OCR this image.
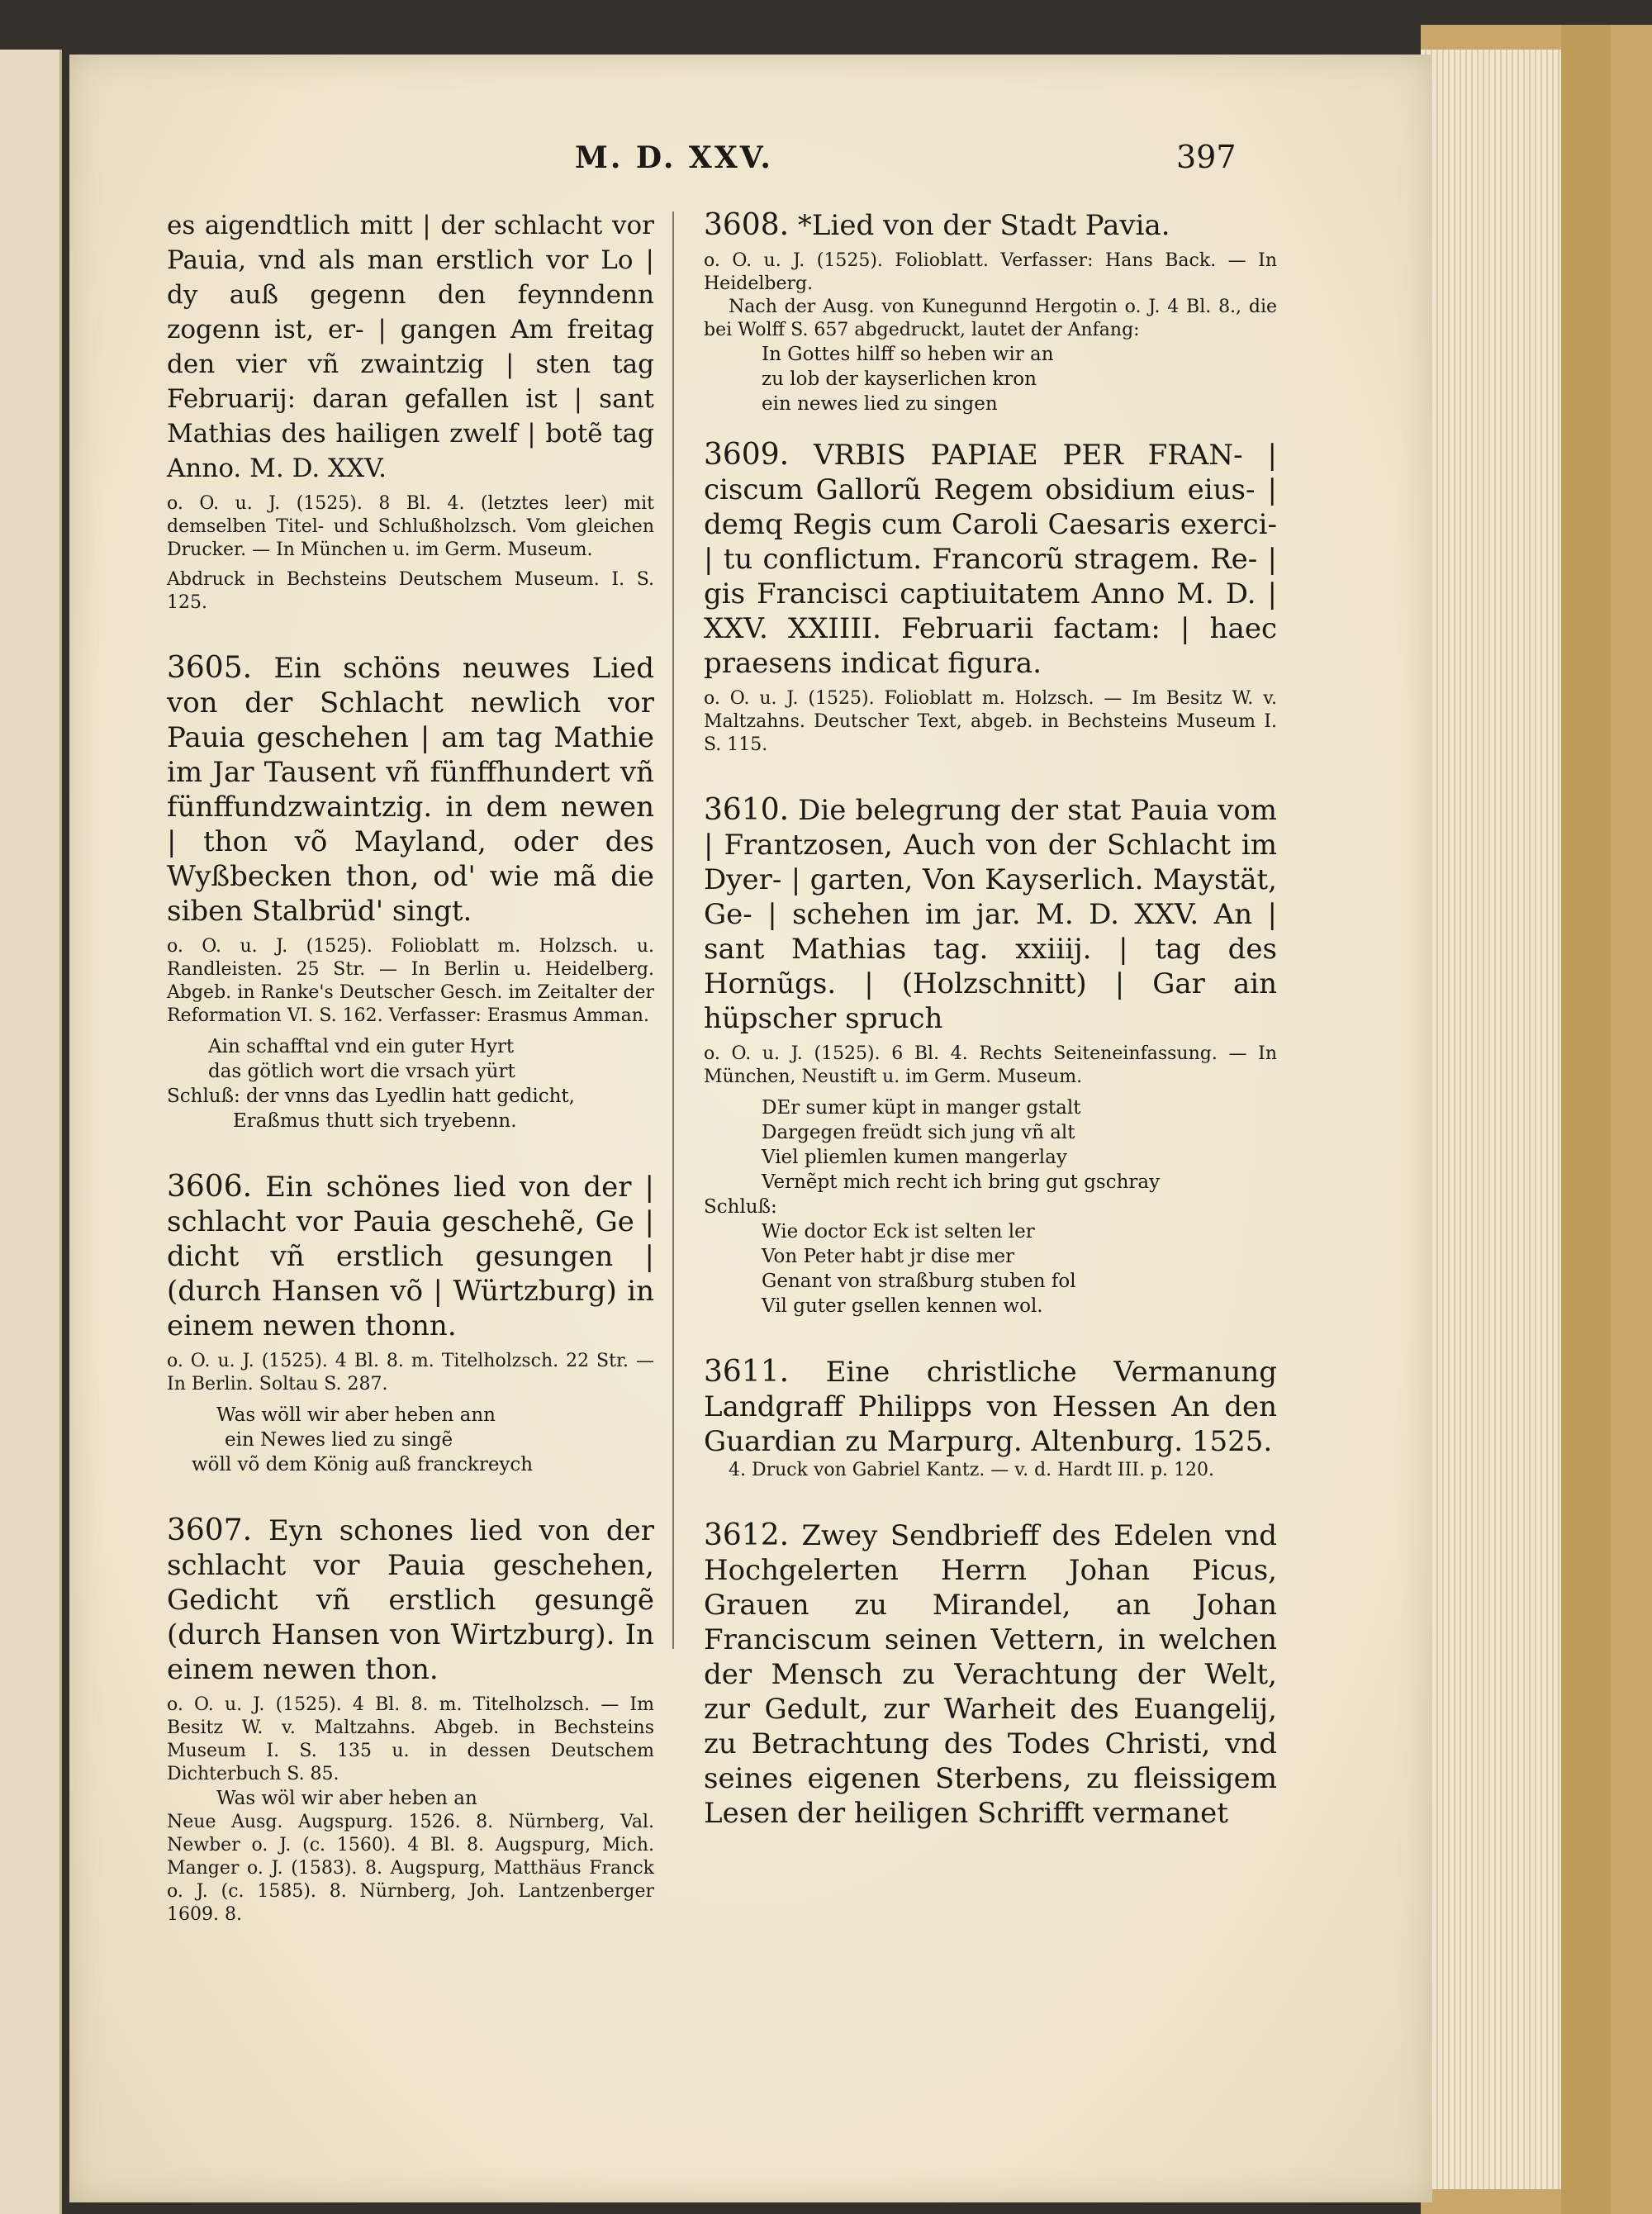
M. D. XXV.	397

es aigendtlich mitt | der schlacht vor Pauia, vnd als man erstlich vor Lo | dy auß gegenn den feynndenn zogenn ist, er- | gangen Am freitag den vier vñ zwaintzig | sten tag Februarij: daran gefallen ist | sant Mathias des hailigen zwelf | botẽ tag Anno. M. D. XXV.

o. O. u. J. (1525). 8 Bl. 4. (letztes leer) mit demselben Titel- und Schlußholzsch. Vom gleichen Drucker. — In München u. im Germ. Museum.

Abdruck in Bechsteins Deutschem Museum. I. S. 125.

3605. Ein schöns neuwes Lied von der Schlacht newlich vor Pauia geschehen | am tag Mathie im Jar Tausent vñ fünffhundert vñ fünffundzwaintzig. in dem newen | thon võ Mayland, oder des Wyßbecken thon, od' wie mã die siben Stalbrüd' singt.

o. O. u. J. (1525). Folioblatt m. Holzsch. u. Randleisten. 25 Str. — In Berlin u. Heidelberg. Abgeb. in Ranke's Deutscher Gesch. im Zeitalter der Reformation VI. S. 162. Verfasser: Erasmus Amman.

Ain schafftal vnd ein guter Hyrt
das götlich wort die vrsach yürt
Schluß: der vnns das Lyedlin hatt gedicht,
Eraßmus thutt sich tryebenn.

3606. Ein schönes lied von der | schlacht vor Pauia geschehẽ, Ge | dicht vñ erstlich gesungen | (durch Hansen võ | Würtzburg) in einem newen thonn.

o. O. u. J. (1525). 4 Bl. 8. m. Titelholzsch. 22 Str. — In Berlin. Soltau S. 287.

Was wöll wir aber heben ann
ein Newes lied zu singẽ
wöll võ dem König auß franckreych

3607. Eyn schones lied von der schlacht vor Pauia geschehen, Gedicht vñ erstlich gesungẽ (durch Hansen von Wirtzburg). In einem newen thon.

o. O. u. J. (1525). 4 Bl. 8. m. Titelholzsch. — Im Besitz W. v. Maltzahns. Abgeb. in Bechsteins Museum I. S. 135 u. in dessen Deutschem Dichterbuch S. 85.

Was wöl wir aber heben an

Neue Ausg. Augspurg. 1526. 8. Nürnberg, Val. Newber o. J. (c. 1560). 4 Bl. 8. Augspurg, Mich. Manger o. J. (1583). 8. Augspurg, Matthäus Franck o. J. (c. 1585). 8. Nürnberg, Joh. Lantzenberger 1609. 8.

3608. *Lied von der Stadt Pavia.

o. O. u. J. (1525). Folioblatt. Verfasser: Hans Back. — In Heidelberg.

Nach der Ausg. von Kunegunnd Hergotin o. J. 4 Bl. 8., die bei Wolff S. 657 abgedruckt, lautet der Anfang:

In Gottes hilff so heben wir an
zu lob der kayserlichen kron
ein newes lied zu singen

3609. VRBIS PAPIAE PER FRAN- | ciscum Gallorũ Regem obsidium eius- | demq Regis cum Caroli Caesaris exerci- | tu conflictum. Francorũ stragem. Re- | gis Francisci captiuitatem Anno M. D. | XXV. XXIIII. Februarii factam: | haec praesens indicat figura.

o. O. u. J. (1525). Folioblatt m. Holzsch. — Im Besitz W. v. Maltzahns. Deutscher Text, abgeb. in Bechsteins Museum I. S. 115.

3610. Die belegrung der stat Pauia vom | Frantzosen, Auch von der Schlacht im Dyer- | garten, Von Kayserlich. Maystät, Ge- | schehen im jar. M. D. XXV. An | sant Mathias tag. xxiiij. | tag des Hornũgs. | (Holzschnitt) | Gar ain hüpscher spruch

o. O. u. J. (1525). 6 Bl. 4. Rechts Seiteneinfassung. — In München, Neustift u. im Germ. Museum.

DEr sumer küpt in manger gstalt
Dargegen freüdt sich jung vñ alt
Viel pliemlen kumen mangerlay
Vernẽpt mich recht ich bring gut gschray
Schluß:
Wie doctor Eck ist selten ler
Von Peter habt jr dise mer
Genant von straßburg stuben fol
Vil guter gsellen kennen wol.

3611. Eine christliche Vermanung Landgraff Philipps von Hessen An den Guardian zu Marpurg. Altenburg. 1525.

4. Druck von Gabriel Kantz. — v. d. Hardt III. p. 120.

3612. Zwey Sendbrieff des Edelen vnd Hochgelerten Herrn Johan Picus, Grauen zu Mirandel, an Johan Franciscum seinen Vettern, in welchen der Mensch zu Verachtung der Welt, zur Gedult, zur Warheit des Euangelij, zu Betrachtung des Todes Christi, vnd seines eigenen Sterbens, zu fleissigem Lesen der heiligen Schrifft vermanet
